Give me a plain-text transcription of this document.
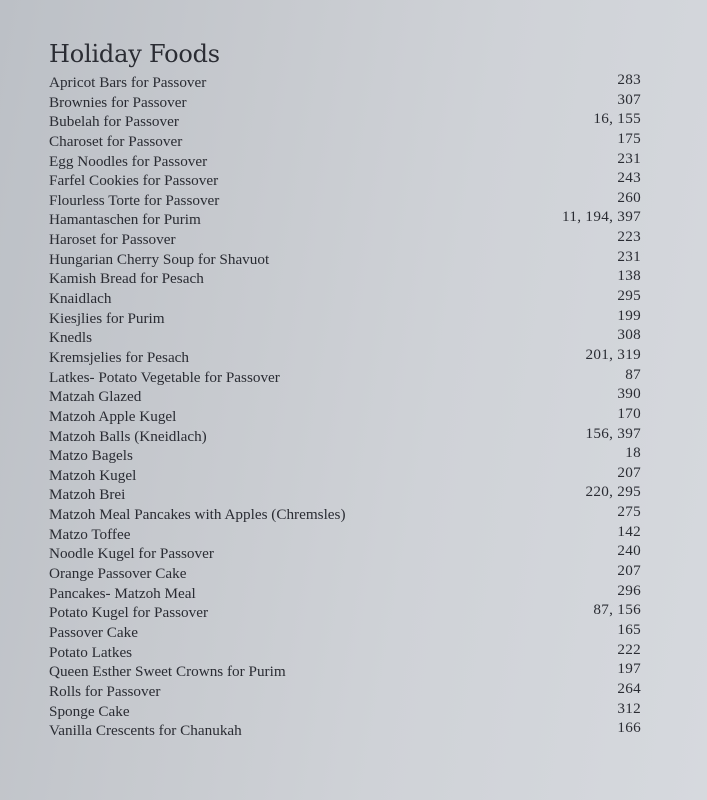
Holiday Foods
Apricot Bars for Passover	283
Brownies for Passover	307
Bubelah for Passover	16, 155
Charoset for Passover	175
Egg Noodles for Passover	231
Farfel Cookies for Passover	243
Flourless Torte for Passover	260
Hamantaschen for Purim	11, 194, 397
Haroset for Passover	223
Hungarian Cherry Soup for Shavuot	231
Kamish Bread for Pesach	138
Knaidlach	295
Kiesjlies for Purim	199
Knedls	308
Kremsjelies for Pesach	201, 319
Latkes- Potato Vegetable for Passover	87
Matzah Glazed	390
Matzoh Apple Kugel	170
Matzoh Balls (Kneidlach)	156, 397
Matzo Bagels	18
Matzoh Kugel	207
Matzoh Brei	220, 295
Matzoh Meal Pancakes with Apples (Chremsles)	275
Matzo Toffee	142
Noodle Kugel for Passover	240
Orange Passover Cake	207
Pancakes- Matzoh Meal	296
Potato Kugel for Passover	87, 156
Passover Cake	165
Potato Latkes	222
Queen Esther Sweet Crowns for Purim	197
Rolls for Passover	264
Sponge Cake	312
Vanilla Crescents for Chanukah	166
